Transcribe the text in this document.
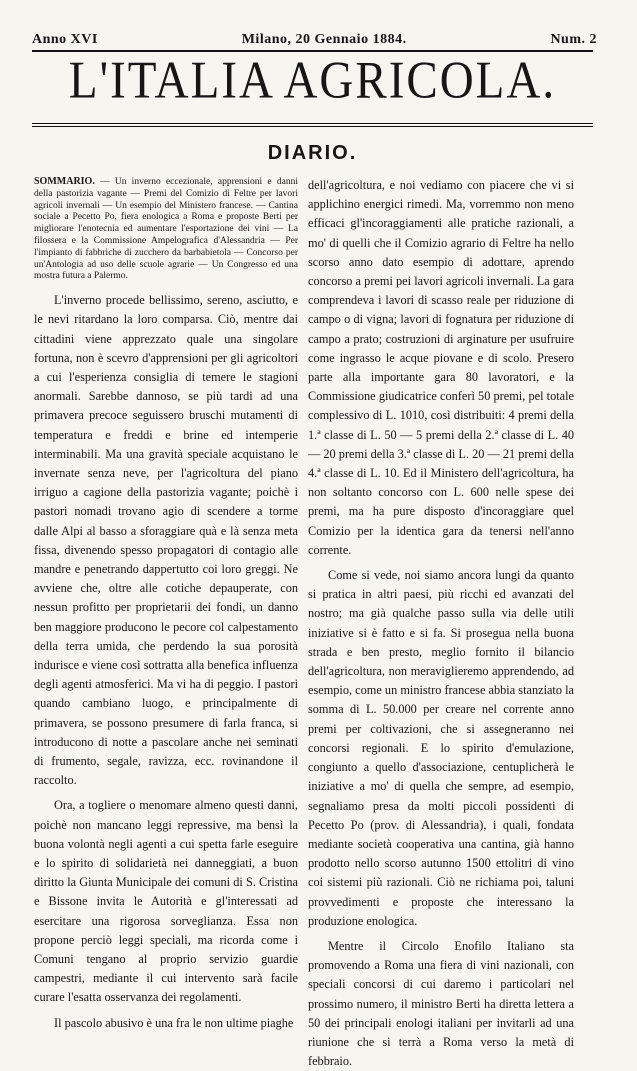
Anno XVI	Milano, 20 Gennaio 1884.	Num. 2
L'ITALIA AGRICOLA.
DIARIO.
SOMMARIO. — Un inverno eccezionale, apprensioni e danni della pastorizia vagante — Premi del Comizio di Feltre per lavori agricoli invernali — Un esempio del Ministero francese. — Cantina sociale a Pecetto Po, fiera enologica a Roma e proposte Berti per migliorare l'enotecnia ed aumentare l'esportazione dei vini — La filossera e la Commissione Ampelografica d'Alessandria — Per l'impianto di fabbriche di zucchero da barbabietola — Concorso per un'Antologia ad uso delle scuole agrarie — Un Congresso ed una mostra futura a Palermo.

L'inverno procede bellissimo, sereno, asciutto, e le nevi ritardano la loro comparsa. Ciò, mentre dai cittadini viene apprezzato quale una singolare fortuna, non è scevro d'apprensioni per gli agricoltori a cui l'esperienza consiglia di temere le stagioni anormali. Sarebbe dannoso, se più tardi ad una primavera precoce seguissero bruschi mutamenti di temperatura e freddi e brine ed intemperie interminabili. Ma una gravità speciale acquistano le invernate senza neve, per l'agricoltura del piano irriguo a cagione della pastorizia vagante; poichè i pastori nomadi trovano agio di scendere a torme dalle Alpi al basso a sforaggiare quà e là senza meta fissa, divenendo spesso propagatori di contagio alle mandre e penetrando dappertutto coi loro greggi. Ne avviene che, oltre alle cotiche depauperate, con nessun profitto per proprietarii dei fondi, un danno ben maggiore producono le pecore col calpestamento della terra umida, che perdendo la sua porosità indurisce e viene così sottratta alla benefica influenza degli agenti atmosferici. Ma vi ha di peggio. I pastori quando cambiano luogo, e principalmente di primavera, se possono presumere di farla franca, si introducono di notte a pascolare anche nei seminati di frumento, segale, ravizza, ecc. rovinandone il raccolto.

Ora, a togliere o menomare almeno questi danni, poichè non mancano leggi repressive, ma bensì la buona volontà negli agenti a cui spetta farle eseguire e lo spirito di solidarietà nei danneggiati, a buon diritto la Giunta Municipale dei comuni di S. Cristina e Bissone invita le Autorità e gl'interessati ad esercitare una rigorosa sorveglianza. Essa non propone perciò leggi speciali, ma ricorda come i Comuni tengano al proprio servizio guardie campestri, mediante il cui intervento sarà facile curare l'esatta osservanza dei regolamenti.

Il pascolo abusivo è una fra le non ultime piaghe

dell'agricoltura, e noi vediamo con piacere che vi si applichino energici rimedi. Ma, vorremmo non meno efficaci gl'incoraggiamenti alle pratiche razionali, a mo' di quelli che il Comizio agrario di Feltre ha nello scorso anno dato esempio di adottare, aprendo concorso a premi pei lavori agricoli invernali. La gara comprendeva i lavori di scasso reale per riduzione di campo o di vigna; lavori di fognatura per riduzione di campo a prato; costruzioni di arginature per usufruire come ingrasso le acque piovane e di scolo. Presero parte alla importante gara 80 lavoratori, e la Commissione giudicatrice conferì 50 premi, pel totale complessivo di L. 1010, così distribuiti: 4 premi della 1.ª classe di L. 50 — 5 premi della 2.ª classe di L. 40 — 20 premi della 3.ª classe di L. 20 — 21 premi della 4.ª classe di L. 10. Ed il Ministero dell'agricoltura, ha non soltanto concorso con L. 600 nelle spese dei premi, ma ha pure disposto d'incoraggiare quel Comizio per la identica gara da tenersi nell'anno corrente.

Come si vede, noi siamo ancora lungi da quanto si pratica in altri paesi, più ricchi ed avanzati del nostro; ma già qualche passo sulla via delle utili iniziative si è fatto e si fa. Si prosegua nella buona strada e ben presto, meglio fornito il bilancio dell'agricoltura, non meraviglieremo apprendendo, ad esempio, come un ministro francese abbia stanziato la somma di L. 50.000 per creare nel corrente anno premi per coltivazioni, che si assegneranno nei concorsi regionali. E lo spirito d'emulazione, congiunto a quello d'associazione, centuplicherà le iniziative a mo' di quella che sempre, ad esempio, segnaliamo presa da molti piccoli possidenti di Pecetto Po (prov. di Alessandria), i quali, fondata mediante società cooperativa una cantina, già hanno prodotto nello scorso autunno 1500 ettolitri di vino coi sistemi più razionali. Ciò ne richiama poi, taluni provvedimenti e proposte che interessano la produzione enologica.

Mentre il Circolo Enofilo Italiano sta promovendo a Roma una fiera di vini nazionali, con speciali concorsi di cui daremo i particolari nel prossimo numero, il ministro Berti ha diretta lettera a 50 dei principali enologi italiani per invitarli ad una riunione che si terrà a Roma verso la metà di febbraio.
